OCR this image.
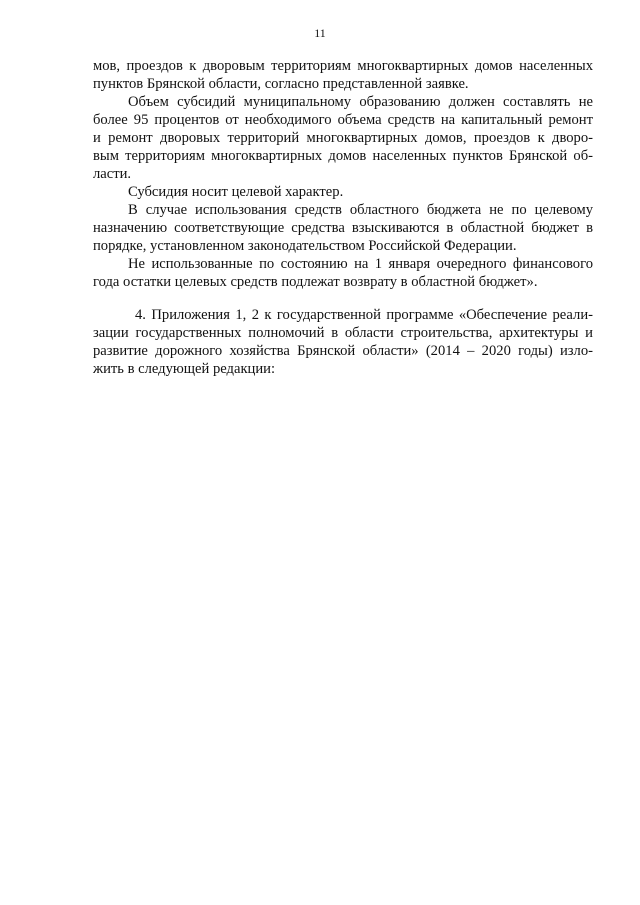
11
мов, проездов к дворовым территориям многоквартирных домов населенных
пунктов Брянской области, согласно представленной заявке.
Объем субсидий муниципальному образованию должен составлять не
более 95 процентов от необходимого объема средств на капитальный ремонт
и ремонт дворовых территорий многоквартирных домов, проездов к дворо-
вым территориям многоквартирных домов населенных пунктов Брянской об-
ласти.
Субсидия носит целевой характер.
В случае использования средств областного бюджета не по целевому
назначению соответствующие средства взыскиваются в областной бюджет в
порядке, установленном законодательством Российской Федерации.
Не использованные по состоянию на 1 января очередного финансового
года остатки целевых средств подлежат возврату в областной бюджет».
4. Приложения 1, 2 к государственной программе «Обеспечение реали-
зации государственных полномочий в области строительства, архитектуры и
развитие дорожного хозяйства Брянской области» (2014 – 2020 годы) изло-
жить в следующей редакции:
